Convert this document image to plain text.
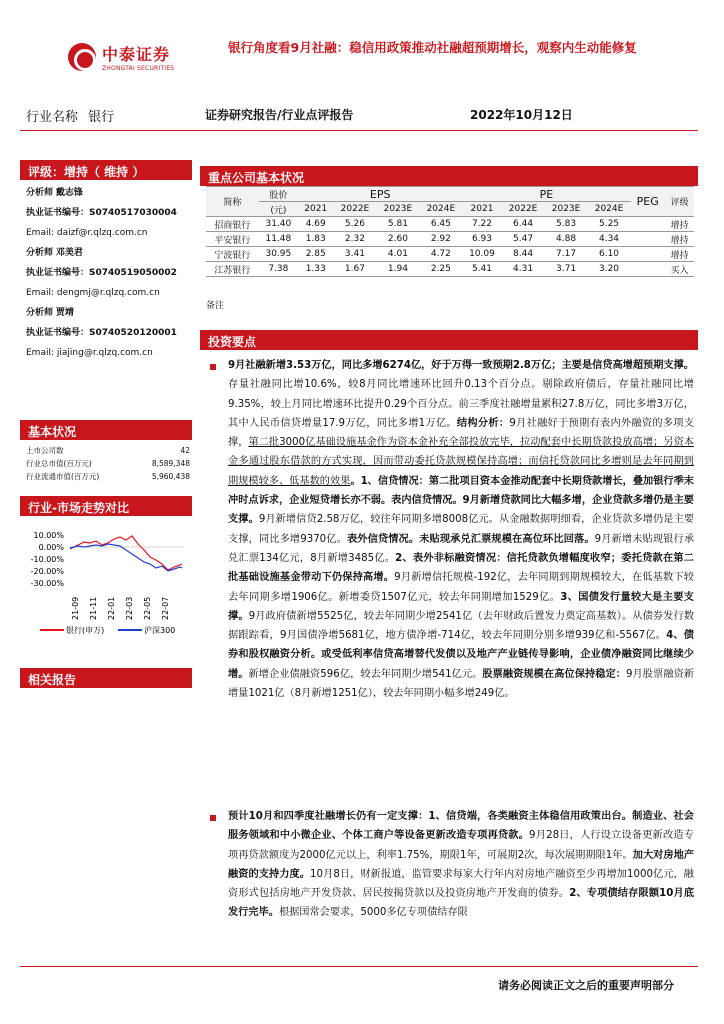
中泰证券
ZHONGTAI SECURITIES
银行角度看9月社融：稳信用政策推动社融超预期增长，观察内生动能修复
行业名称 银行	证券研究报告/行业点评报告	2022年10月12日
评级：增持（ 维持 ）
分析师 戴志锋
执业证书编号：S0740517030004
Email: daizf@r.qlzq.com.cn
分析师 邓美君
执业证书编号：S0740519050002
Email: dengmj@r.qlzq.com.cn
分析师 贾靖
执业证书编号：S0740520120001
Email: jiajing@r.qlzq.com.cn
基本状况
上市公司数	42
行业总市值(百万元)	8,589,348
行业流通市值(百万元)	5,960,438
行业-市场走势对比
10.00%
0.00%
-10.00%
-20.00%
-30.00%
21-09 21-11 22-01 22-03 22-05 22-07
银行(申万)	沪深300
相关报告
重点公司基本状况
简称	股价	EPS				PE				PEG	评级
	(元)	2021	2022E	2023E	2024E	2021	2022E	2023E	2024E		
招商银行	31.40	4.69	5.26	5.81	6.45	7.22	6.44	5.83	5.25		增持
平安银行	11.48	1.83	2.32	2.60	2.92	6.93	5.47	4.88	4.34		增持
宁波银行	30.95	2.85	3.41	4.01	4.72	10.09	8.44	7.17	6.10		增持
江苏银行	7.38	1.33	1.67	1.94	2.25	5.41	4.31	3.71	3.20		买入
备注
投资要点
9月社融新增3.53万亿，同比多增6274亿，好于万得一致预期2.8万亿；主要是信贷高增超预期支撑。存量社融同比增10.6%，较8月同比增速环比回升0.13个百分点。剔除政府债后，存量社融同比增9.35%，较上月同比增速环比提升0.29个百分点。前三季度社融增量累积27.8万亿，同比多增3万亿，其中人民币信贷增量17.9万亿，同比多增1万亿。结构分析：9月社融好于预期有表内外融资的多项支撑，第二批3000亿基础设施基金作为资本金补充全部投放完毕，拉动配套中长期贷款投放高增；另资本金多通过股东借款的方式实现，因而带动委托贷款规模保持高增；而信托贷款同比多增则是去年同期到期规模较多、低基数的效果。1、信贷情况：第二批项目资本金推动配套中长期贷款增长，叠加银行季末冲时点诉求，企业短贷增长亦不弱。表内信贷情况。9月新增贷款同比大幅多增，企业贷款多增仍是主要支撑。9月新增信贷2.58万亿，较往年同期多增8008亿元。从金融数据明细看，企业贷款多增仍是主要支撑，同比多增9370亿。表外信贷情况。未贴现承兑汇票规模在高位环比回落。9月新增未贴现银行承兑汇票134亿元，8月新增3485亿。2、表外非标融资情况：信托贷款负增幅度收窄；委托贷款在第二批基础设施基金带动下仍保持高增。9月新增信托规模-192亿，去年同期到期规模较大，在低基数下较去年同期多增1906亿。新增委贷1507亿元，较去年同期增加1529亿。3、国债发行量较大是主要支撑。9月政府债新增5525亿，较去年同期少增2541亿（去年财政后置发力奠定高基数）。从债券发行数据跟踪看，9月国债净增5681亿，地方债净增-714亿，较去年同期分别多增939亿和-5567亿。4、债券和股权融资分析。或受低利率信贷高增替代发债以及地产产业链传导影响，企业债净融资同比继续少增。新增企业债融资596亿，较去年同期少增541亿元。股票融资规模在高位保持稳定：9月股票融资新增量1021亿（8月新增1251亿），较去年同期小幅多增249亿。
预计10月和四季度社融增长仍有一定支撑：1、信贷端，各类融资主体稳信用政策出台。制造业、社会服务领域和中小微企业、个体工商户等设备更新改造专项再贷款。9月28日，人行设立设备更新改造专项再贷款额度为2000亿元以上，利率1.75%，期限1年，可展期2次，每次展期期限1年。加大对房地产融资的支持力度。10月8日，财新报道，监管要求每家大行年内对房地产融资至少再增加1000亿元，融资形式包括房地产开发贷款、居民按揭贷款以及投资房地产开发商的债券。2、专项债结存限额10月底发行完毕。根据国常会要求，5000多亿专项债结存限
请务必阅读正文之后的重要声明部分
